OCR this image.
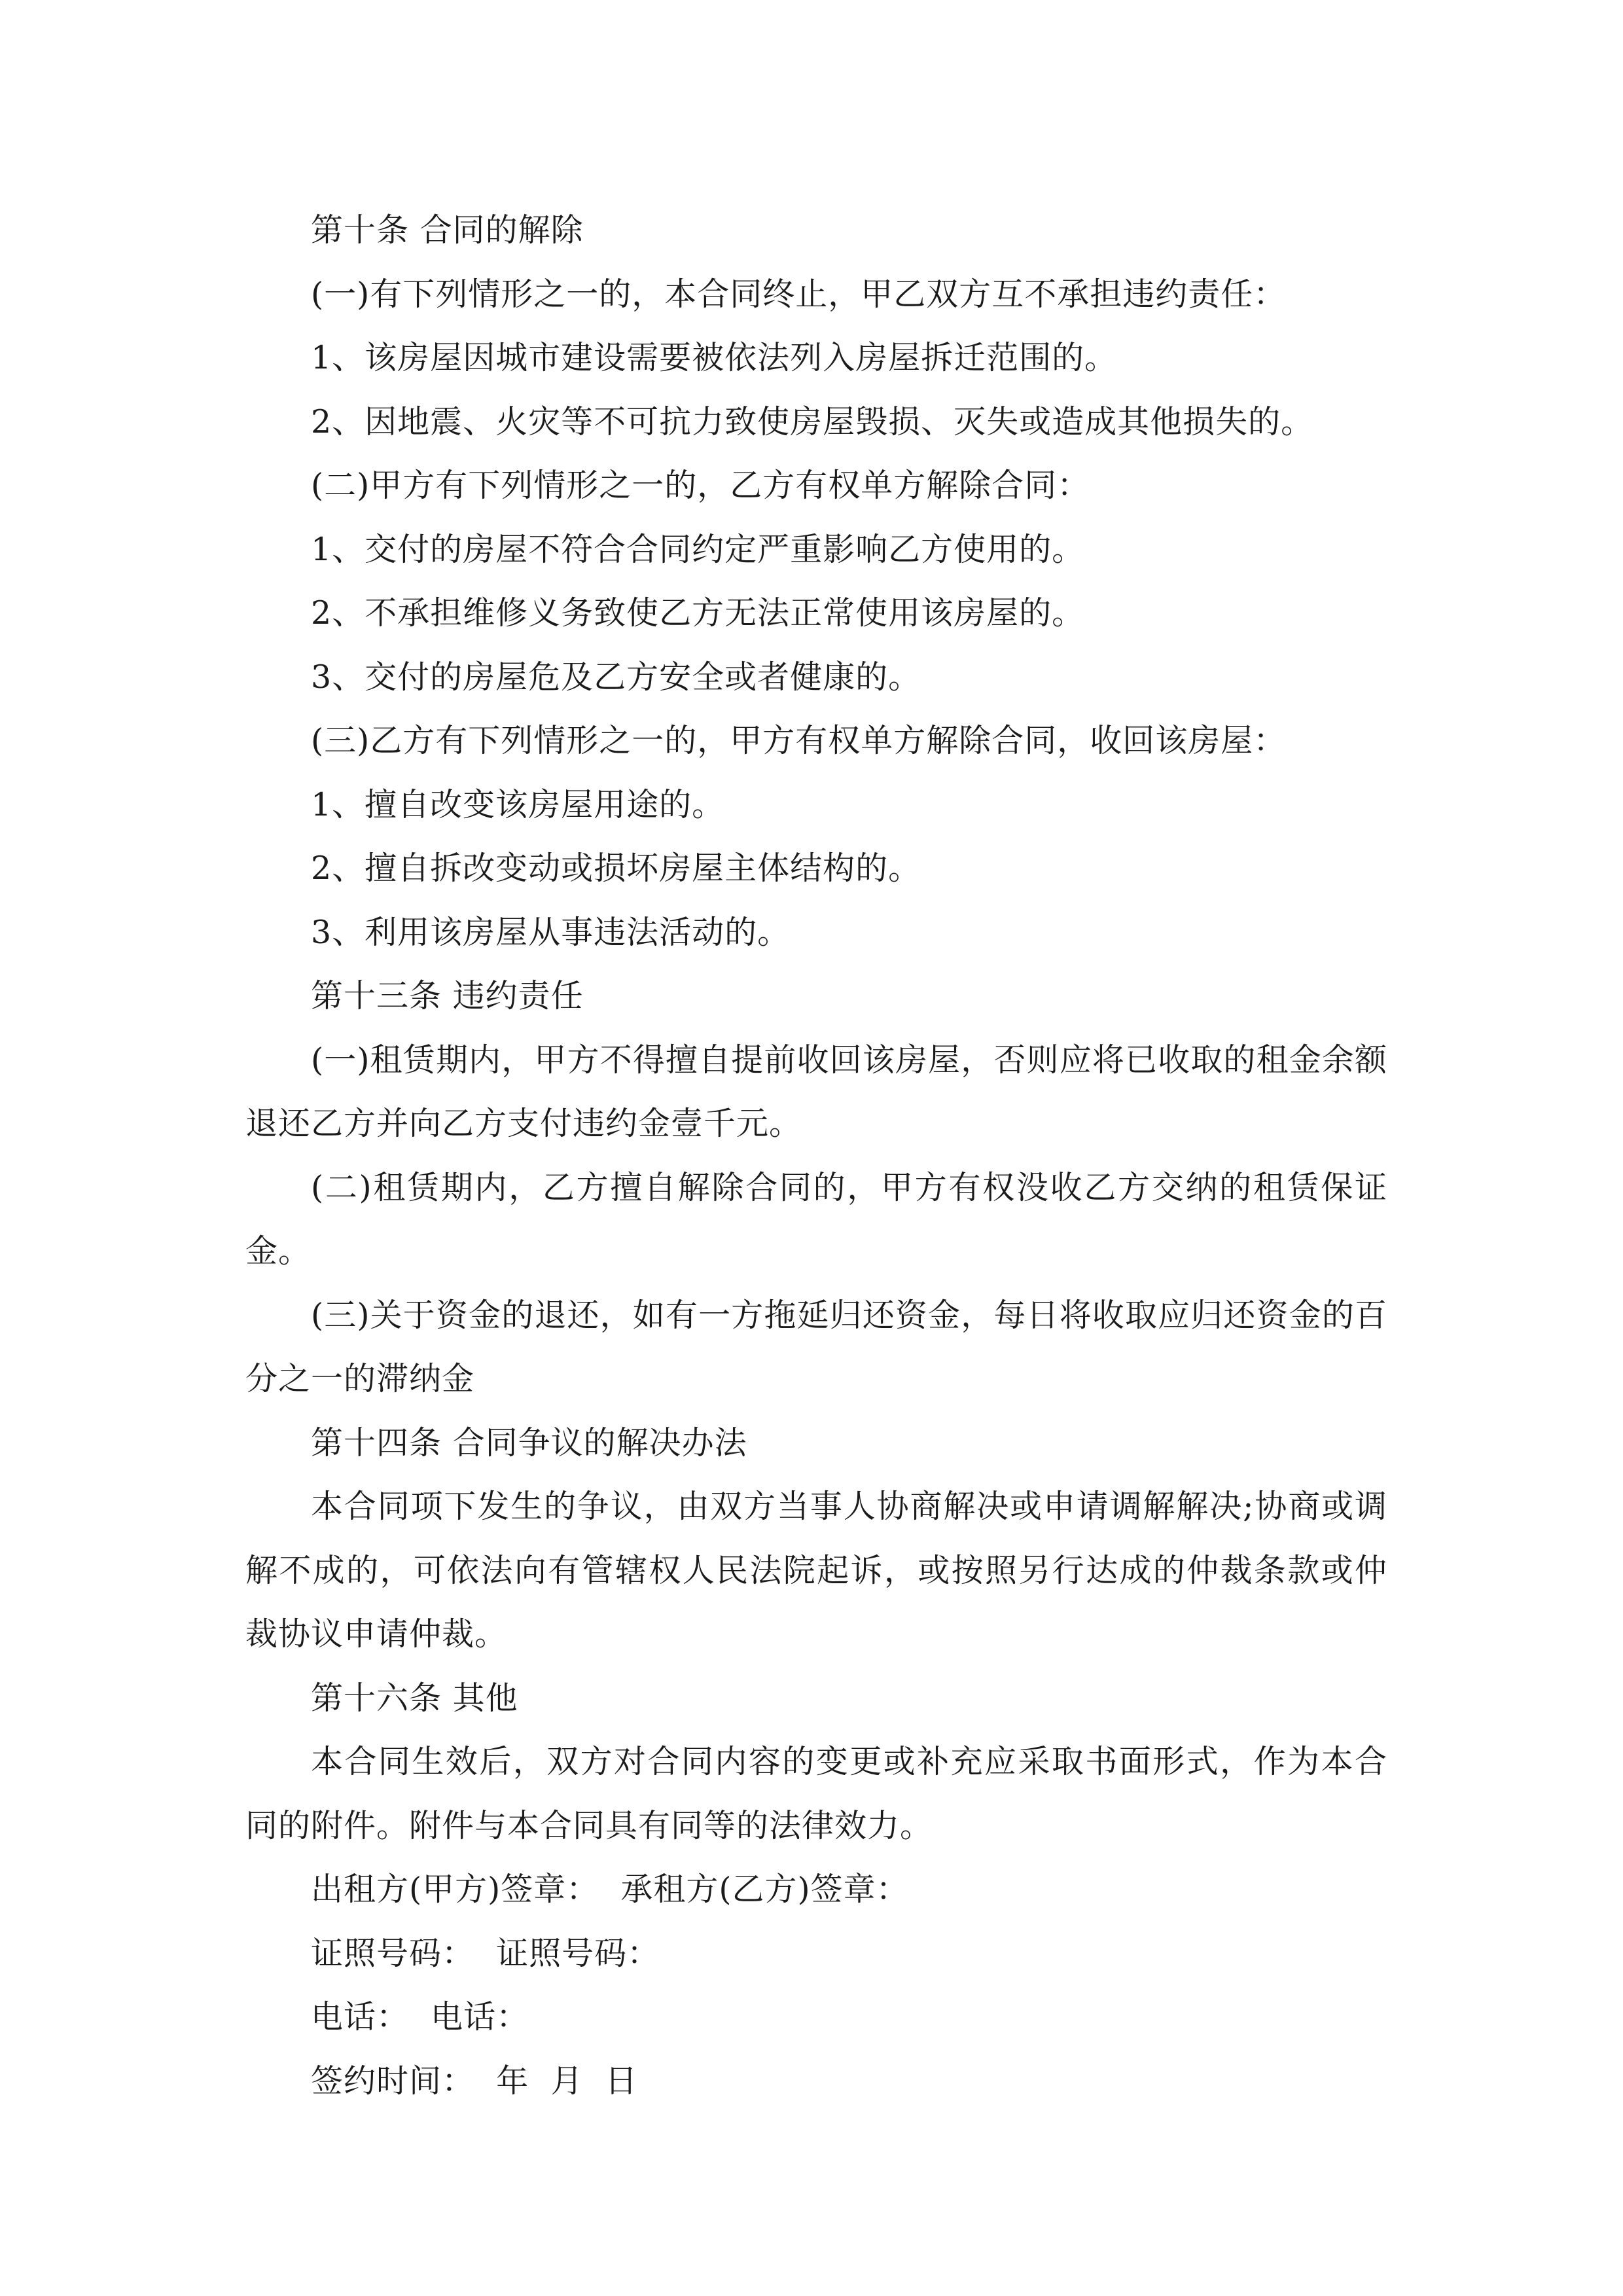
第十条 合同的解除

(一)有下列情形之一的，本合同终止，甲乙双方互不承担违约责任：

1、该房屋因城市建设需要被依法列入房屋拆迁范围的。

2、因地震、火灾等不可抗力致使房屋毁损、灭失或造成其他损失的。

(二)甲方有下列情形之一的，乙方有权单方解除合同：

1、交付的房屋不符合合同约定严重影响乙方使用的。

2、不承担维修义务致使乙方无法正常使用该房屋的。

3、交付的房屋危及乙方安全或者健康的。

(三)乙方有下列情形之一的，甲方有权单方解除合同，收回该房屋：

1、擅自改变该房屋用途的。

2、擅自拆改变动或损坏房屋主体结构的。

3、利用该房屋从事违法活动的。

第十三条 违约责任

(一)租赁期内，甲方不得擅自提前收回该房屋，否则应将已收取的租金余额退还乙方并向乙方支付违约金壹千元。

(二)租赁期内，乙方擅自解除合同的，甲方有权没收乙方交纳的租赁保证金。

(三)关于资金的退还，如有一方拖延归还资金，每日将收取应归还资金的百分之一的滞纳金

第十四条 合同争议的解决办法

本合同项下发生的争议，由双方当事人协商解决或申请调解解决;协商或调解不成的，可依法向有管辖权人民法院起诉，或按照另行达成的仲裁条款或仲裁协议申请仲裁。

第十六条 其他

本合同生效后，双方对合同内容的变更或补充应采取书面形式，作为本合同的附件。附件与本合同具有同等的法律效力。

出租方(甲方)签章： 承租方(乙方)签章：

证照号码： 证照号码：

电话： 电话：

签约时间： 年 月 日
